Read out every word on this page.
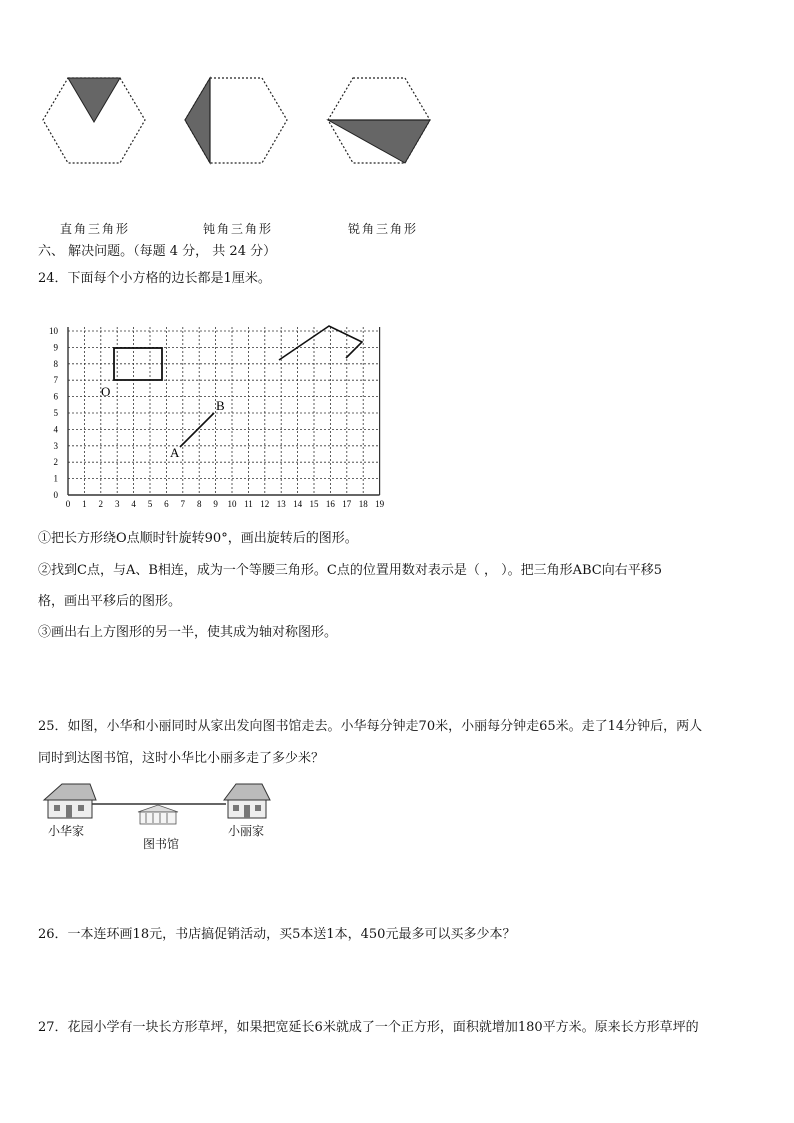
直角三角形	钝角三角形	锐角三角形
六、 解决问题。（每题 4 分， 共 24 分）
24．下面每个小方格的边长都是1厘米。
0 1 2 3 4 5 6 7 8 9 10 11 12 13 14 15 16 17 18 19
0
1
2
3
4
5
6
7
8
9
10
O
A
B
①把长方形绕O点顺时针旋转90°，画出旋转后的图形。
②找到C点，与A、B相连，成为一个等腰三角形。C点的位置用数对表示是（ ， ）。把三角形ABC向右平移5
格，画出平移后的图形。
③画出右上方图形的另一半，使其成为轴对称图形。
25．如图，小华和小丽同时从家出发向图书馆走去。小华每分钟走70米，小丽每分钟走65米。走了14分钟后，两人
同时到达图书馆，这时小华比小丽多走了多少米？
小华家
图书馆
小丽家
26．一本连环画18元，书店搞促销活动，买5本送1本，450元最多可以买多少本？
27．花园小学有一块长方形草坪，如果把宽延长6米就成了一个正方形，面积就增加180平方米。原来长方形草坪的
